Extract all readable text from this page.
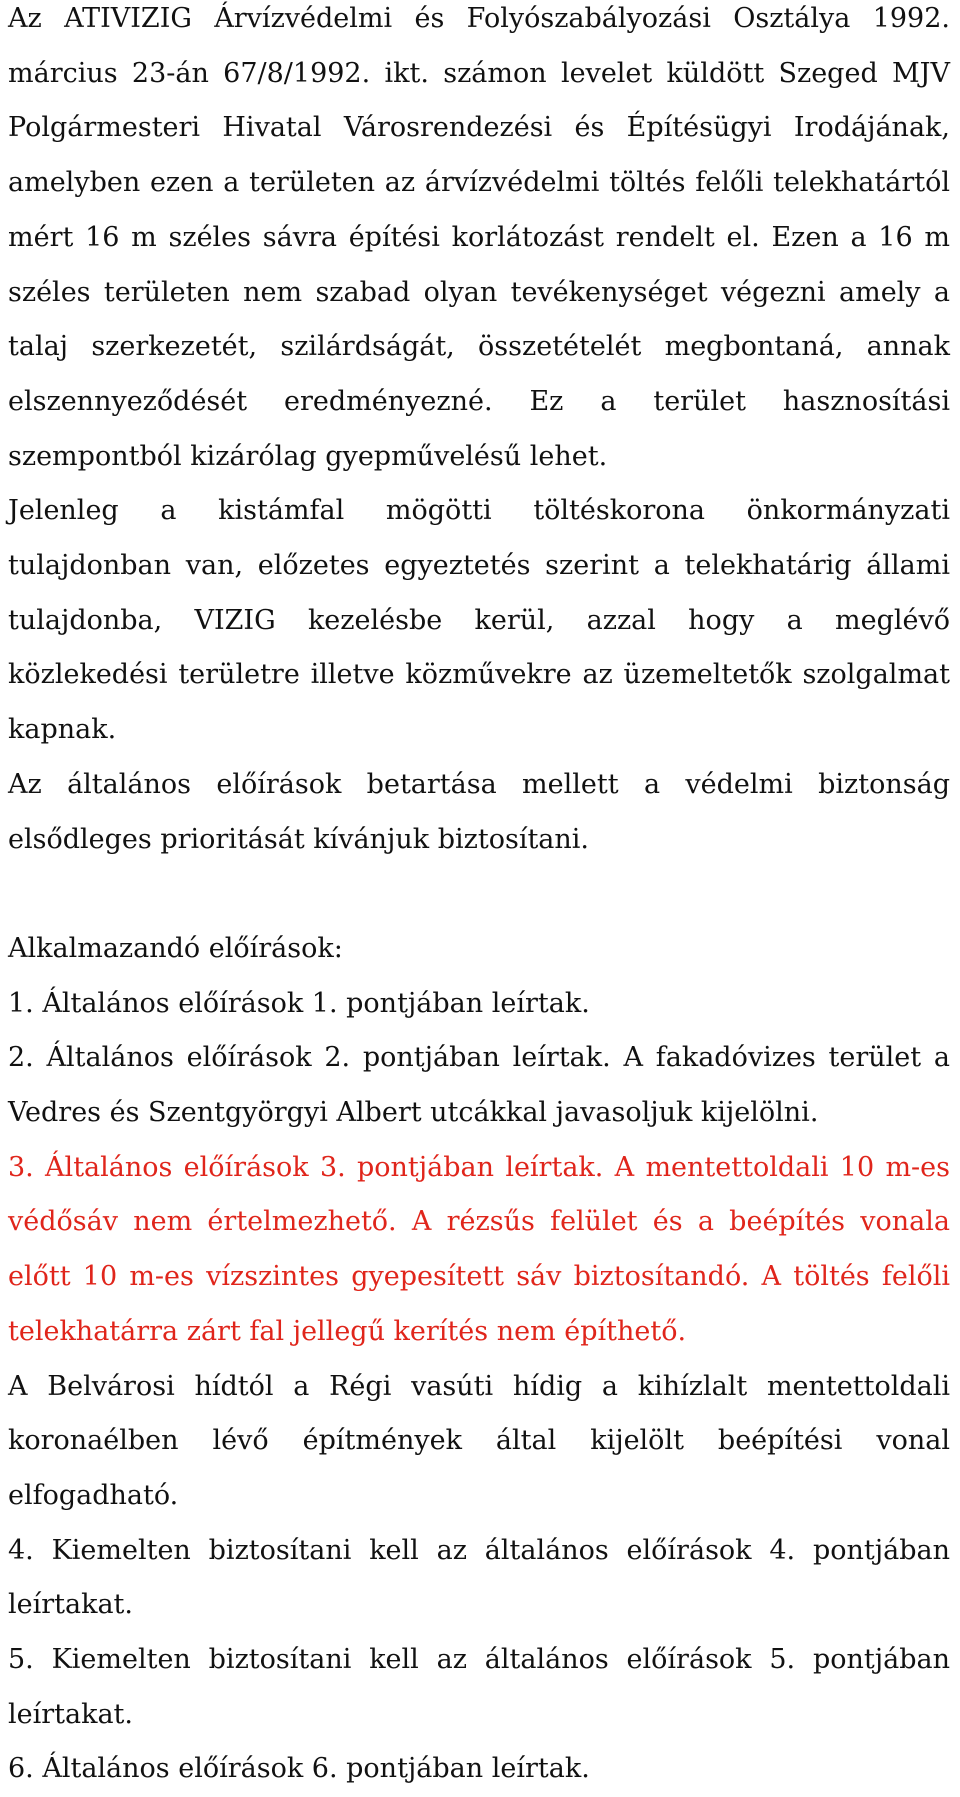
Az ATIVIZIG Árvízvédelmi és Folyószabályozási Osztálya 1992. március 23-án 67/8/1992. ikt. számon levelet küldött Szeged MJV Polgármesteri Hivatal Városrendezési és Építésügyi Irodájának, amelyben ezen a területen az árvízvédelmi töltés felőli telekhatártól mért 16 m széles sávra építési korlátozást rendelt el. Ezen a 16 m széles területen nem szabad olyan tevékenységet végezni amely a talaj szerkezetét, szilárdságát, összetételét megbontaná, annak elszennyeződését eredményezné. Ez a terület hasznosítási szempontból kizárólag gyepművelésű lehet.

Jelenleg a kistámfal mögötti töltéskorona önkormányzati tulajdonban van, előzetes egyeztetés szerint a telekhatárig állami tulajdonba, VIZIG kezelésbe kerül, azzal hogy a meglévő közlekedési területre illetve közművekre az üzemeltetők szolgalmat kapnak.

Az általános előírások betartása mellett a védelmi biztonság elsődleges prioritását kívánjuk biztosítani.

Alkalmazandó előírások:

1. Általános előírások 1. pontjában leírtak.

2. Általános előírások 2. pontjában leírtak. A fakadóvizes terület a Vedres és Szentgyörgyi Albert utcákkal javasoljuk kijelölni.

3. Általános előírások 3. pontjában leírtak. A mentettoldali 10 m-es védősáv nem értelmezhető. A rézsűs felület és a beépítés vonala előtt 10 m-es vízszintes gyepesített sáv biztosítandó. A töltés felőli telekhatárra zárt fal jellegű kerítés nem építhető.

A Belvárosi hídtól a Régi vasúti hídig a kihízlalt mentettoldali koronaélben lévő építmények által kijelölt beépítési vonal elfogadható.

4. Kiemelten biztosítani kell az általános előírások 4. pontjában leírtakat.

5. Kiemelten biztosítani kell az általános előírások 5. pontjában leírtakat.

6. Általános előírások 6. pontjában leírtak.
